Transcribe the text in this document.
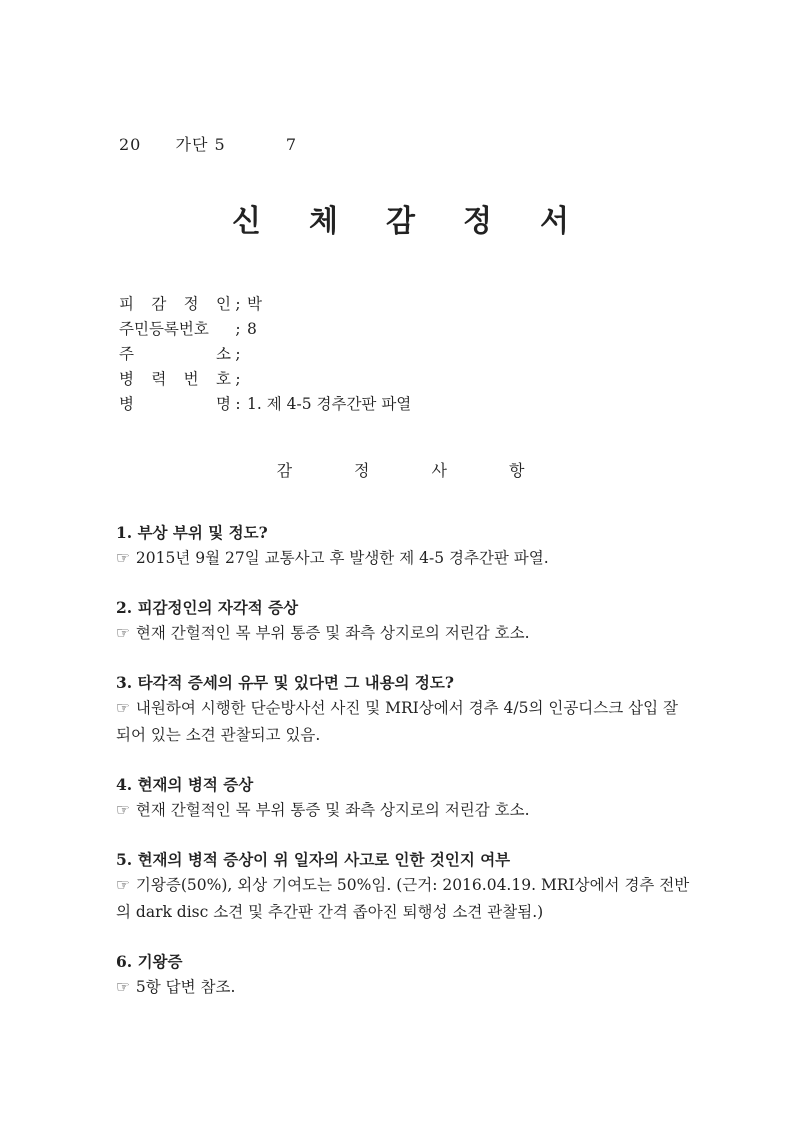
20 가단 5	7
신 체 감 정 서
피 감 정 인 ; 박
주민등록번호	; 8
주 소 ;
병 력 번 호 ;
병 명 : 1. 제 4-5 경추간판 파열
감	정	사	항
1. 부상 부위 및 정도?
☞ 2015년 9월 27일 교통사고 후 발생한 제 4-5 경추간판 파열.
2. 피감정인의 자각적 증상
☞ 현재 간헐적인 목 부위 통증 및 좌측 상지로의 저린감 호소.
3. 타각적 증세의 유무 및 있다면 그 내용의 정도?
☞ 내원하여 시행한 단순방사선 사진 및 MRI상에서 경추 4/5의 인공디스크 삽입 잘 되어 있는 소견 관찰되고 있음.
4. 현재의 병적 증상
☞ 현재 간헐적인 목 부위 통증 및 좌측 상지로의 저린감 호소.
5. 현재의 병적 증상이 위 일자의 사고로 인한 것인지 여부
☞ 기왕증(50%), 외상 기여도는 50%임. (근거: 2016.04.19. MRI상에서 경추 전반의 dark disc 소견 및 추간판 간격 좁아진 퇴행성 소견 관찰됨.)
6. 기왕증
☞ 5항 답변 참조.
